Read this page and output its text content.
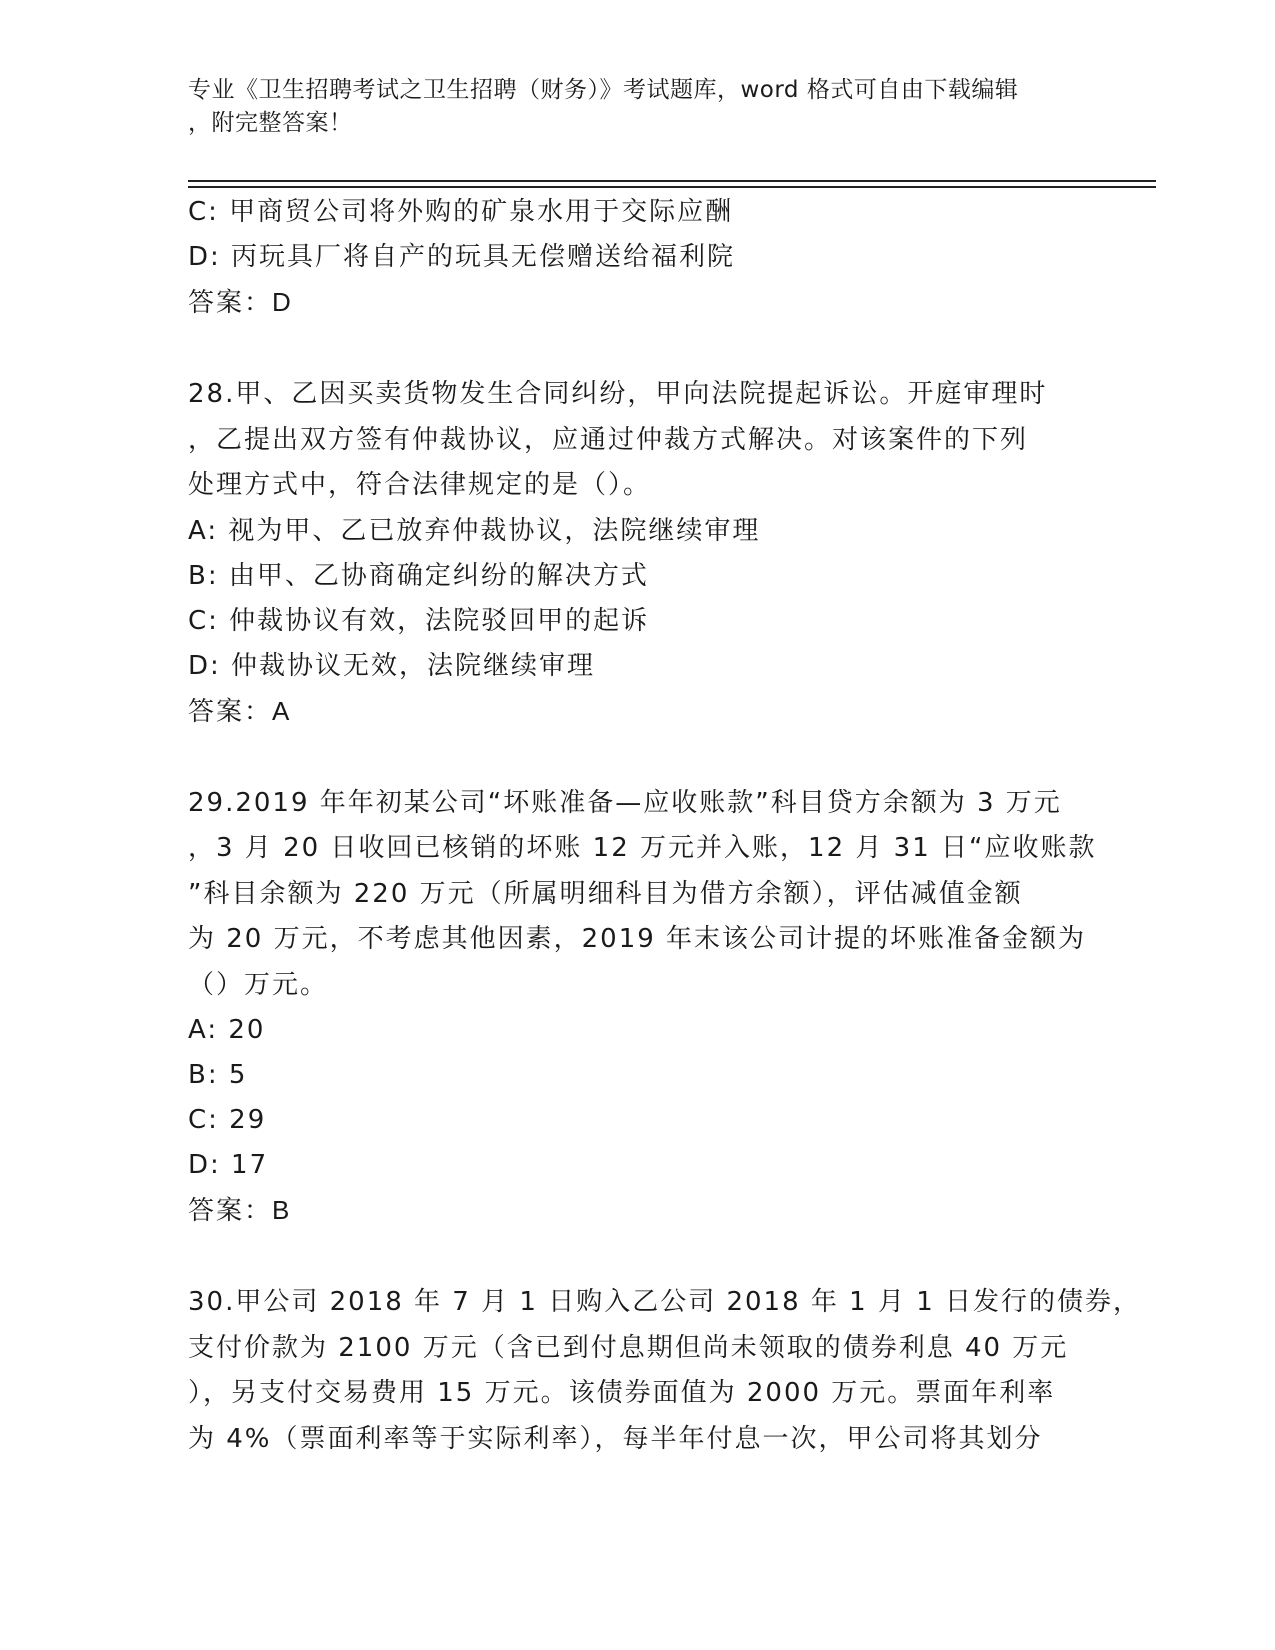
专业《卫生招聘考试之卫生招聘（财务）》考试题库，word 格式可自由下载编辑
，附完整答案！
C: 甲商贸公司将外购的矿泉水用于交际应酬
D: 丙玩具厂将自产的玩具无偿赠送给福利院
答案：D
28.甲、乙因买卖货物发生合同纠纷，甲向法院提起诉讼。开庭审理时
，乙提出双方签有仲裁协议，应通过仲裁方式解决。对该案件的下列
处理方式中，符合法律规定的是（）。
A: 视为甲、乙已放弃仲裁协议，法院继续审理
B: 由甲、乙协商确定纠纷的解决方式
C: 仲裁协议有效，法院驳回甲的起诉
D: 仲裁协议无效，法院继续审理
答案：A
29.2019 年年初某公司“坏账准备—应收账款”科目贷方余额为 3 万元
，3 月 20 日收回已核销的坏账 12 万元并入账，12 月 31 日“应收账款
”科目余额为 220 万元（所属明细科目为借方余额），评估减值金额
为 20 万元，不考虑其他因素，2019 年末该公司计提的坏账准备金额为
（）万元。
A: 20
B: 5
C: 29
D: 17
答案：B
30.甲公司 2018 年 7 月 1 日购入乙公司 2018 年 1 月 1 日发行的债券，
支付价款为 2100 万元（含已到付息期但尚未领取的债券利息 40 万元
），另支付交易费用 15 万元。该债券面值为 2000 万元。票面年利率
为 4%（票面利率等于实际利率），每半年付息一次，甲公司将其划分
